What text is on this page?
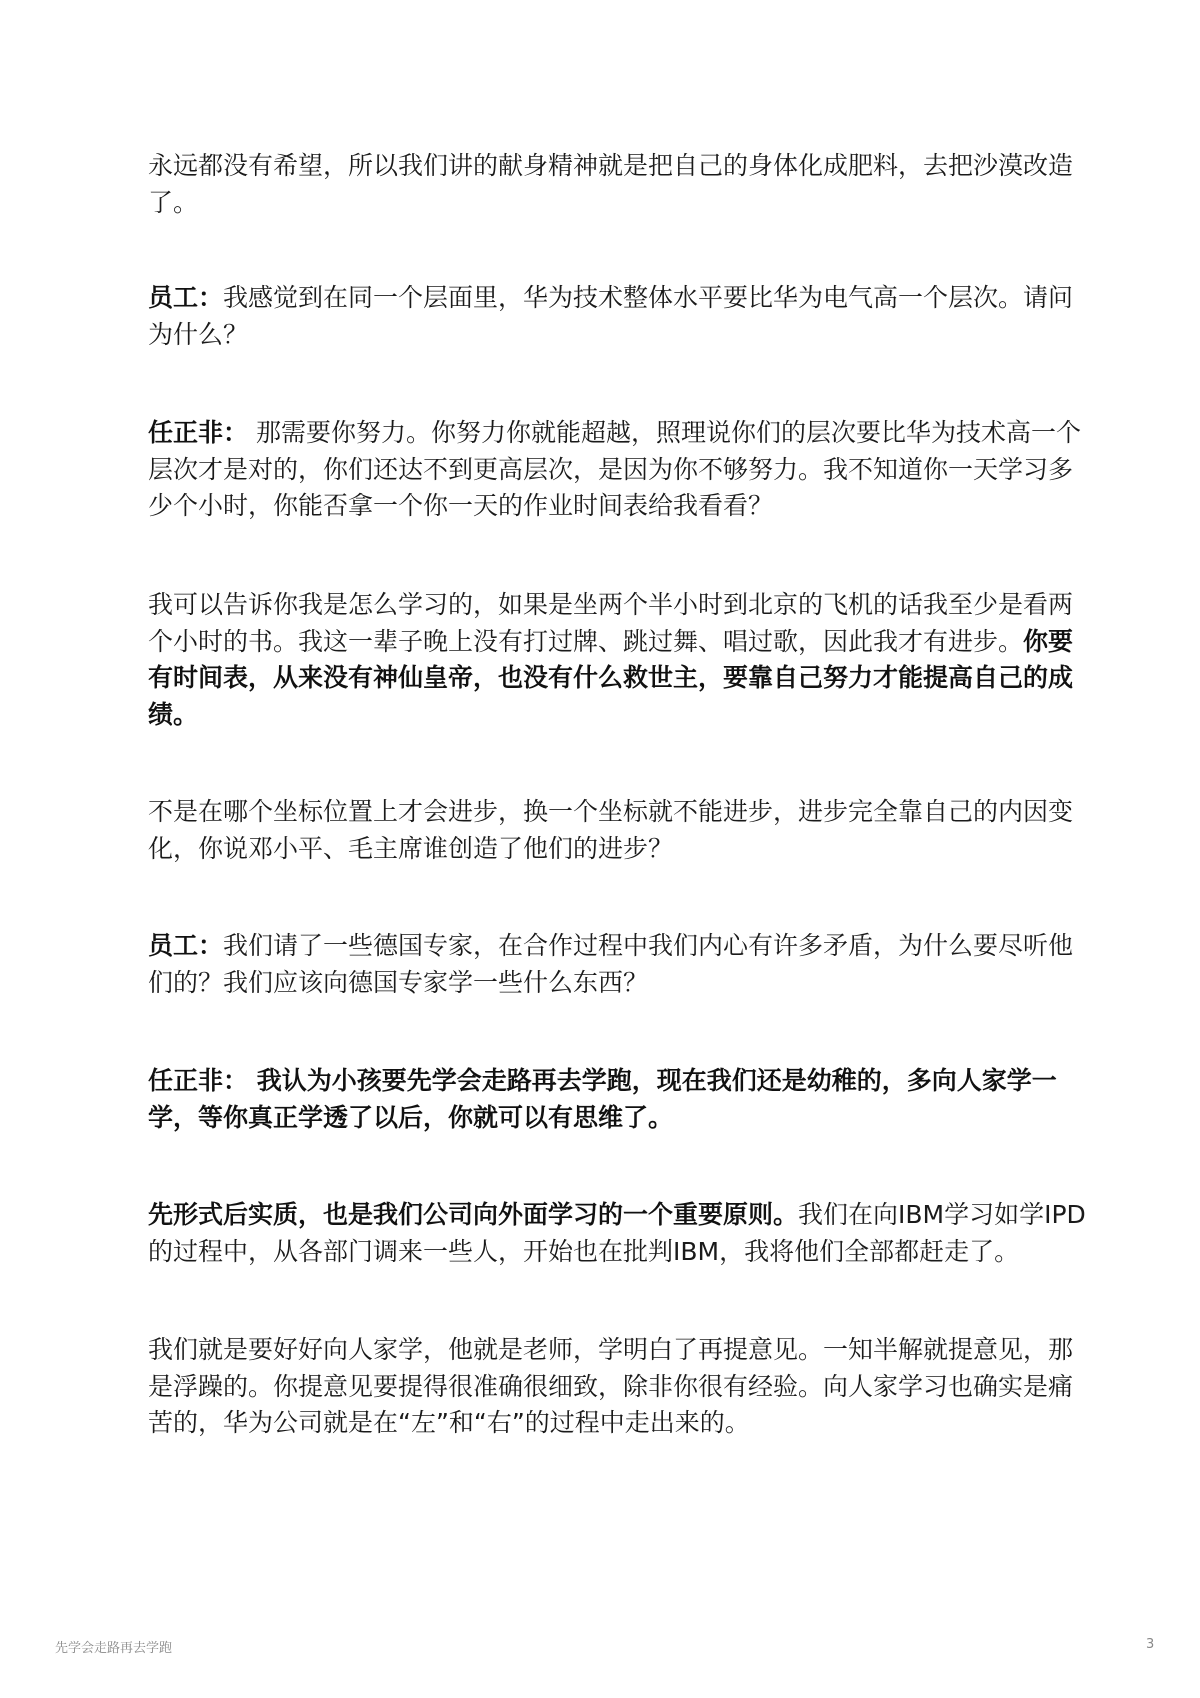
永远都没有希望，所以我们讲的献身精神就是把自己的身体化成肥料，去把沙漠改造
了。
员工：我感觉到在同一个层面里，华为技术整体水平要比华为电气高一个层次。请问
为什么？
任正非： 那需要你努力。你努力你就能超越，照理说你们的层次要比华为技术高一个
层次才是对的，你们还达不到更高层次，是因为你不够努力。我不知道你一天学习多
少个小时，你能否拿一个你一天的作业时间表给我看看？
我可以告诉你我是怎么学习的，如果是坐两个半小时到北京的飞机的话我至少是看两
个小时的书。我这一辈子晚上没有打过牌、跳过舞、唱过歌，因此我才有进步。你要
有时间表，从来没有神仙皇帝，也没有什么救世主，要靠自己努力才能提高自己的成
绩。
不是在哪个坐标位置上才会进步，换一个坐标就不能进步，进步完全靠自己的内因变
化，你说邓小平、毛主席谁创造了他们的进步？
员工：我们请了一些德国专家，在合作过程中我们内心有许多矛盾，为什么要尽听他
们的？我们应该向德国专家学一些什么东西？
任正非： 我认为小孩要先学会走路再去学跑，现在我们还是幼稚的，多向人家学一
学，等你真正学透了以后，你就可以有思维了。
先形式后实质，也是我们公司向外面学习的一个重要原则。我们在向IBM学习如学IPD
的过程中，从各部门调来一些人，开始也在批判IBM，我将他们全部都赶走了。
我们就是要好好向人家学，他就是老师，学明白了再提意见。一知半解就提意见，那
是浮躁的。你提意见要提得很准确很细致，除非你很有经验。向人家学习也确实是痛
苦的，华为公司就是在“左”和“右”的过程中走出来的。
先学会走路再去学跑	3
